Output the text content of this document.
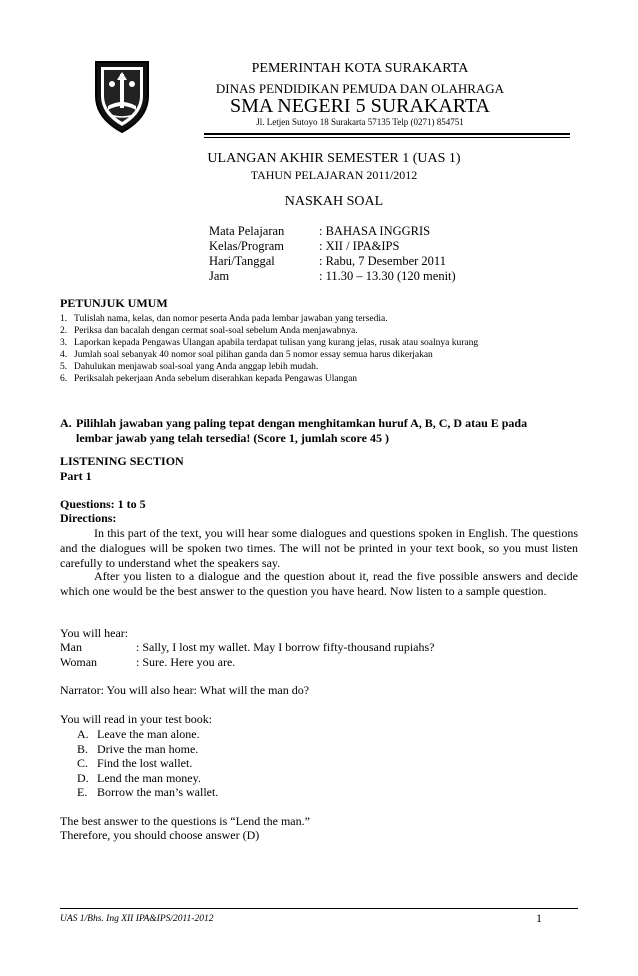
PEMERINTAH KOTA SURAKARTA
DINAS PENDIDIKAN PEMUDA DAN OLAHRAGA
SMA NEGERI 5 SURAKARTA
Jl. Letjen Sutoyo 18 Surakarta 57135 Telp (0271) 854751
ULANGAN AKHIR SEMESTER 1 (UAS 1)
TAHUN PELAJARAN 2011/2012
NASKAH SOAL
Mata Pelajaran	: BAHASA INGGRIS
Kelas/Program	: XII / IPA&IPS
Hari/Tanggal	: Rabu, 7 Desember 2011
Jam	: 11.30 – 13.30 (120 menit)
PETUNJUK UMUM
1. Tulislah nama, kelas, dan nomor peserta Anda pada lembar jawaban yang tersedia.
2. Periksa dan bacalah dengan cermat soal-soal sebelum Anda menjawabnya.
3. Laporkan kepada Pengawas Ulangan apabila terdapat tulisan yang kurang jelas, rusak atau soalnya kurang
4. Jumlah soal sebanyak 40 nomor soal pilihan ganda dan 5 nomor essay semua harus dikerjakan
5. Dahulukan menjawab soal-soal yang Anda anggap lebih mudah.
6. Periksalah pekerjaan Anda sebelum diserahkan kepada Pengawas Ulangan
A. Pilihlah jawaban yang paling tepat dengan menghitamkan huruf A, B, C, D atau E pada
lembar jawab yang telah tersedia! (Score 1, jumlah score 45 )
LISTENING SECTION
Part 1
Questions: 1 to 5
Directions:
In this part of the text, you will hear some dialogues and questions spoken in English. The questions and the dialogues will be spoken two times. The will not be printed in your text book, so you must listen carefully to understand whet the speakers say.
After you listen to a dialogue and the question about it, read the five possible answers and decide which one would be the best answer to the question you have heard. Now listen to a sample question.
You will hear:
Man	: Sally, I lost my wallet. May I borrow fifty-thousand rupiahs?
Woman	: Sure. Here you are.
Narrator: You will also hear: What will the man do?
You will read in your test book:
A. Leave the man alone.
B. Drive the man home.
C. Find the lost wallet.
D. Lend the man money.
E. Borrow the man’s wallet.
The best answer to the questions is “Lend the man.”
Therefore, you should choose answer (D)
UAS 1/Bhs. Ing XII IPA&IPS/2011-2012	1
